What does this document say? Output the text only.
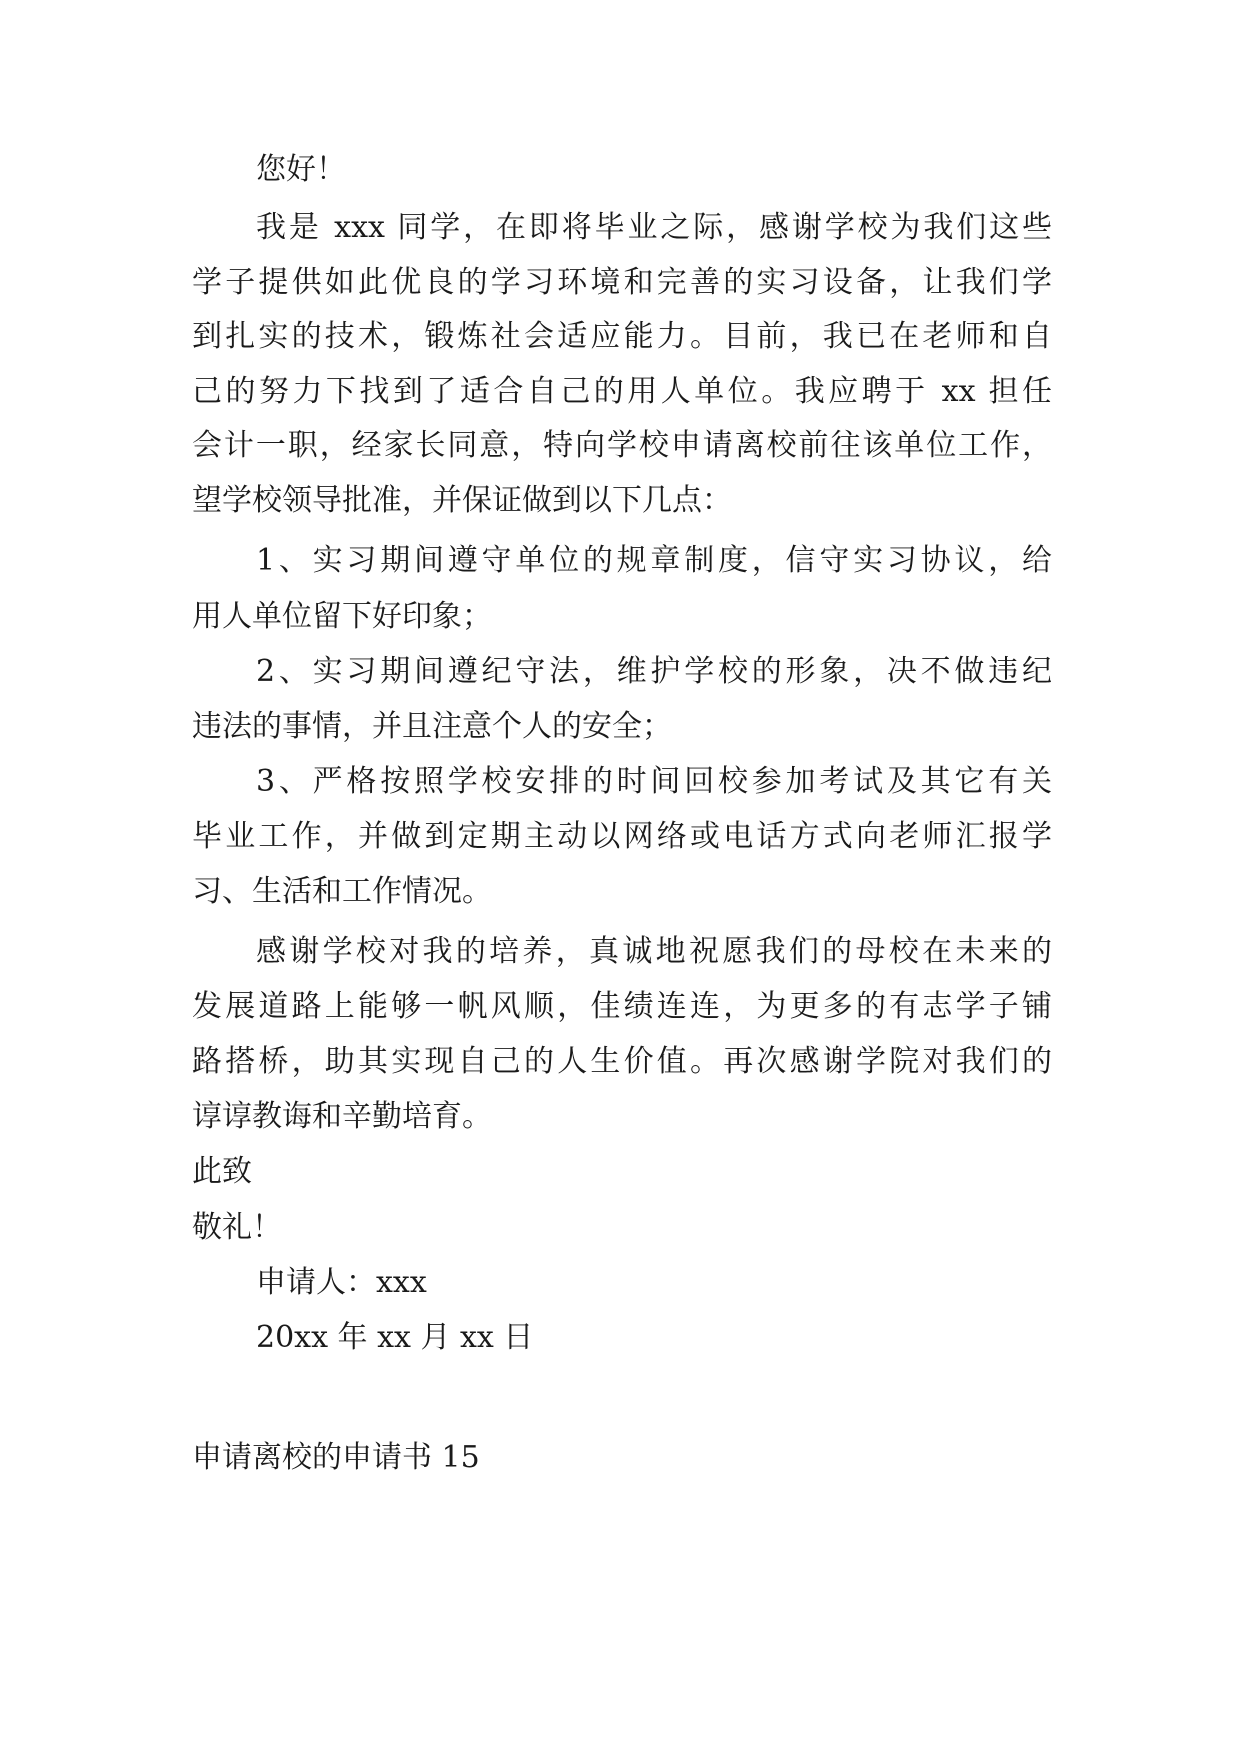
您好！
我是 xxx 同学，在即将毕业之际，感谢学校为我们这些
学子提供如此优良的学习环境和完善的实习设备，让我们学
到扎实的技术，锻炼社会适应能力。目前，我已在老师和自
己的努力下找到了适合自己的用人单位。我应聘于 xx 担任
会计一职，经家长同意，特向学校申请离校前往该单位工作，
望学校领导批准，并保证做到以下几点：
1、实习期间遵守单位的规章制度，信守实习协议，给
用人单位留下好印象；
2、实习期间遵纪守法，维护学校的形象，决不做违纪
违法的事情，并且注意个人的安全；
3、严格按照学校安排的时间回校参加考试及其它有关
毕业工作，并做到定期主动以网络或电话方式向老师汇报学
习、生活和工作情况。
感谢学校对我的培养，真诚地祝愿我们的母校在未来的
发展道路上能够一帆风顺，佳绩连连，为更多的有志学子铺
路搭桥，助其实现自己的人生价值。再次感谢学院对我们的
谆谆教诲和辛勤培育。
此致
敬礼！
申请人：xxx
20xx 年 xx 月 xx 日
申请离校的申请书 15
